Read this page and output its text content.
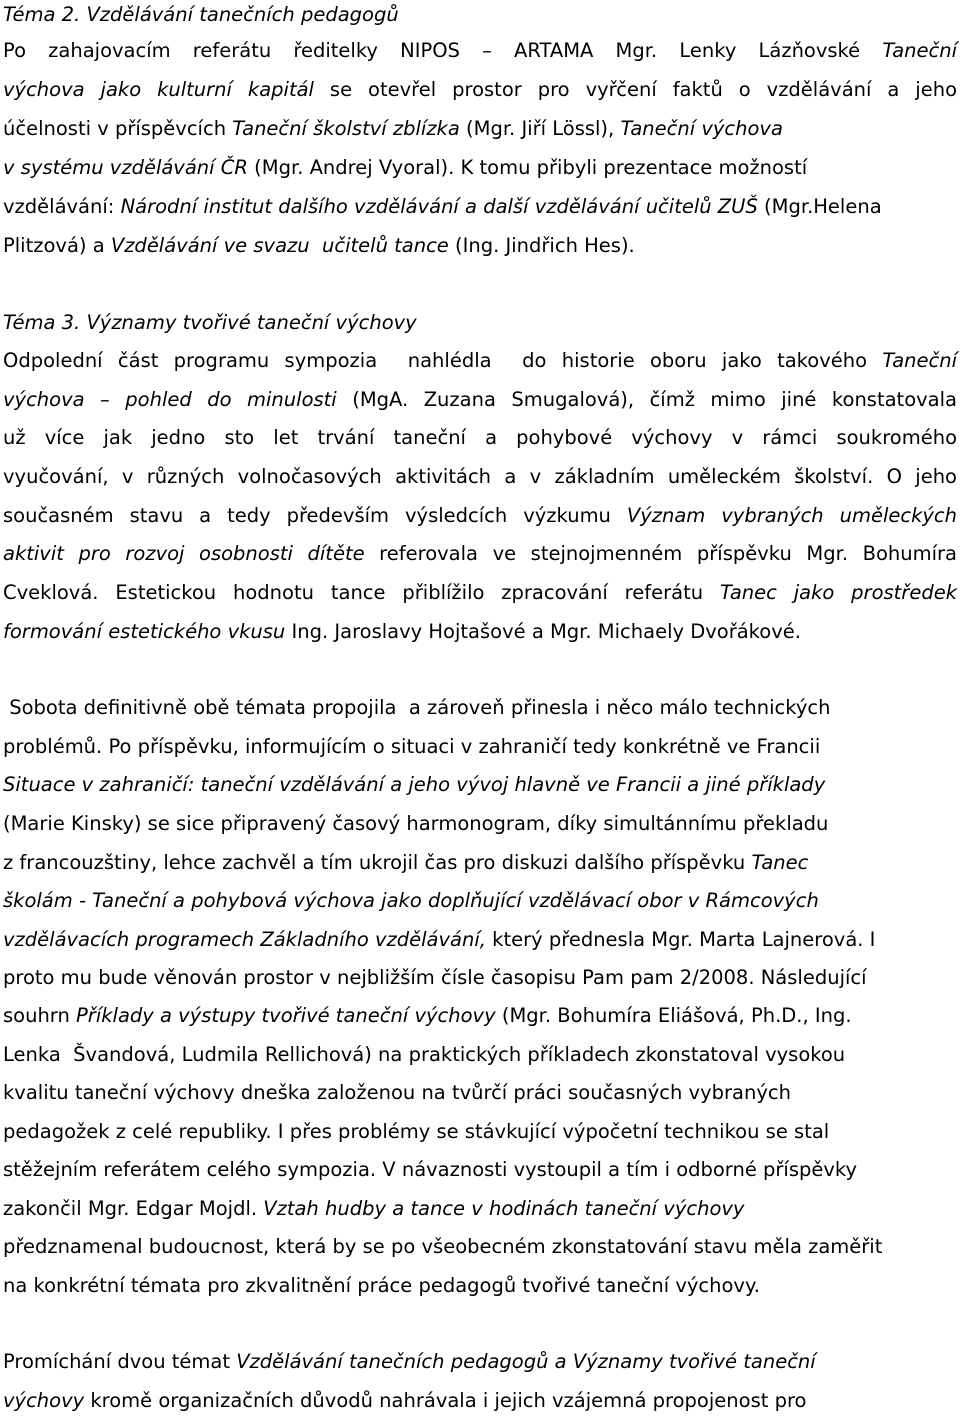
Téma 2. Vzdělávání tanečních pedagogů
Po zahajovacím referátu ředitelky NIPOS – ARTAMA Mgr. Lenky Lázňovské Taneční
výchova jako kulturní kapitál se otevřel prostor pro vyřčení faktů o vzdělávání a jeho
účelnosti v příspěvcích Taneční školství zblízka (Mgr. Jiří Lössl), Taneční výchova
v systému vzdělávání ČR (Mgr. Andrej Vyoral). K tomu přibyli prezentace možností
vzdělávání: Národní institut dalšího vzdělávání a další vzdělávání učitelů ZUŠ (Mgr.Helena
Plitzová) a Vzdělávání ve svazu  učitelů tance (Ing. Jindřich Hes).
Téma 3. Významy tvořivé taneční výchovy
Odpolední část programu sympozia  nahlédla  do historie oboru jako takového Taneční
výchova – pohled do minulosti (MgA. Zuzana Smugalová), čímž mimo jiné konstatovala
už více jak jedno sto let trvání taneční a pohybové výchovy v rámci soukromého
vyučování, v různých volnočasových aktivitách a v základním uměleckém školství. O jeho
současném stavu a tedy především výsledcích výzkumu Význam vybraných uměleckých
aktivit pro rozvoj osobnosti dítěte referovala ve stejnojmenném příspěvku Mgr. Bohumíra
Cveklová. Estetickou hodnotu tance přiblížilo zpracování referátu Tanec jako prostředek
formování estetického vkusu Ing. Jaroslavy Hojtašové a Mgr. Michaely Dvořákové.
Sobota definitivně obě témata propojila  a zároveň přinesla i něco málo technických
problémů. Po příspěvku, informujícím o situaci v zahraničí tedy konkrétně ve Francii
Situace v zahraničí: taneční vzdělávání a jeho vývoj hlavně ve Francii a jiné příklady
(Marie Kinsky) se sice připravený časový harmonogram, díky simultánnímu překladu
z francouzštiny, lehce zachvěl a tím ukrojil čas pro diskuzi dalšího příspěvku Tanec
školám - Taneční a pohybová výchova jako doplňující vzdělávací obor v Rámcových
vzdělávacích programech Základního vzdělávání, který přednesla Mgr. Marta Lajnerová. I
proto mu bude věnován prostor v nejbližším čísle časopisu Pam pam 2/2008. Následující
souhrn Příklady a výstupy tvořivé taneční výchovy (Mgr. Bohumíra Eliášová, Ph.D., Ing.
Lenka  Švandová, Ludmila Rellichová) na praktických příkladech zkonstatoval vysokou
kvalitu taneční výchovy dneška založenou na tvůrčí práci současných vybraných
pedagožek z celé republiky. I přes problémy se stávkující výpočetní technikou se stal
stěžejním referátem celého sympozia. V návaznosti vystoupil a tím i odborné příspěvky
zakončil Mgr. Edgar Mojdl. Vztah hudby a tance v hodinách taneční výchovy
předznamenal budoucnost, která by se po všeobecném zkonstatování stavu měla zaměřit
na konkrétní témata pro zkvalitnění práce pedagogů tvořivé taneční výchovy.
Promíchání dvou témat Vzdělávání tanečních pedagogů a Významy tvořivé taneční
výchovy kromě organizačních důvodů nahrávala i jejich vzájemná propojenost pro
